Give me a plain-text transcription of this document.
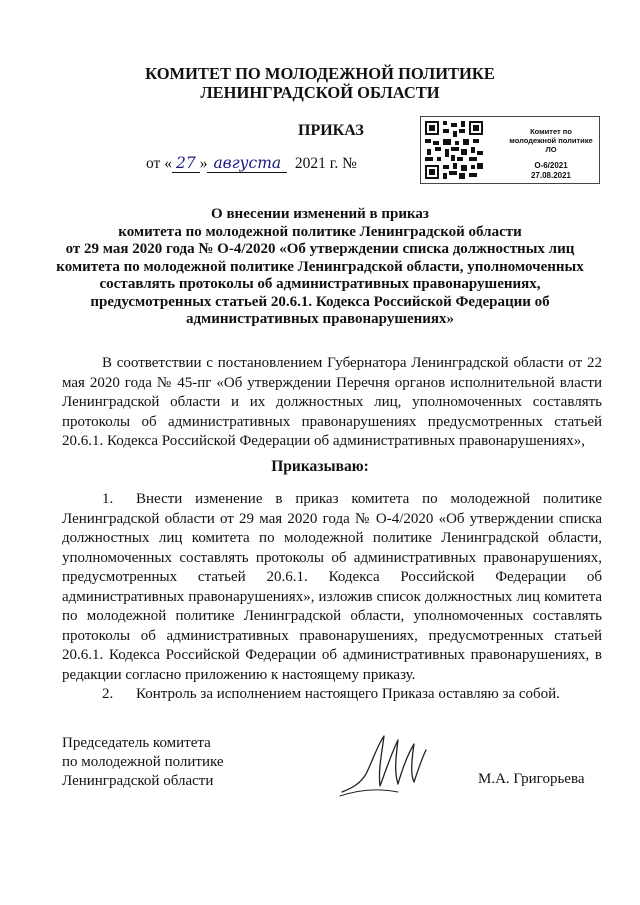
КОМИТЕТ ПО МОЛОДЕЖНОЙ ПОЛИТИКЕ
ЛЕНИНГРАДСКОЙ ОБЛАСТИ
ПРИКАЗ
от « 27 » августа 2021 г. №
Комитет по
молодежной политике
ЛО
О-6/2021
27.08.2021
О внесении изменений в приказ
комитета по молодежной политике Ленинградской области
от 29 мая 2020 года № О-4/2020 «Об утверждении списка должностных лиц
комитета по молодежной политике Ленинградской области, уполномоченных
составлять протоколы об административных правонарушениях,
предусмотренных статьей 20.6.1. Кодекса Российской Федерации об
административных правонарушениях»

В соответствии с постановлением Губернатора Ленинградской области от 22 мая 2020 года № 45-пг «Об утверждении Перечня органов исполнительной власти Ленинградской области и их должностных лиц, уполномоченных составлять протоколы об административных правонарушениях предусмотренных статьей 20.6.1. Кодекса Российской Федерации об административных правонарушениях»,

Приказываю:

1. Внести изменение в приказ комитета по молодежной политике Ленинградской области от 29 мая 2020 года № О-4/2020 «Об утверждении списка должностных лиц комитета по молодежной политике Ленинградской области, уполномоченных составлять протоколы об административных правонарушениях, предусмотренных статьей 20.6.1. Кодекса Российской Федерации об административных правонарушениях», изложив список должностных лиц комитета по молодежной политике Ленинградской области, уполномоченных составлять протоколы об административных правонарушениях, предусмотренных статьей 20.6.1. Кодекса Российской Федерации об административных правонарушениях, в редакции согласно приложению к настоящему приказу.

2. Контроль за исполнением настоящего Приказа оставляю за собой.

Председатель комитета
по молодежной политике
Ленинградской области	М.А. Григорьева
